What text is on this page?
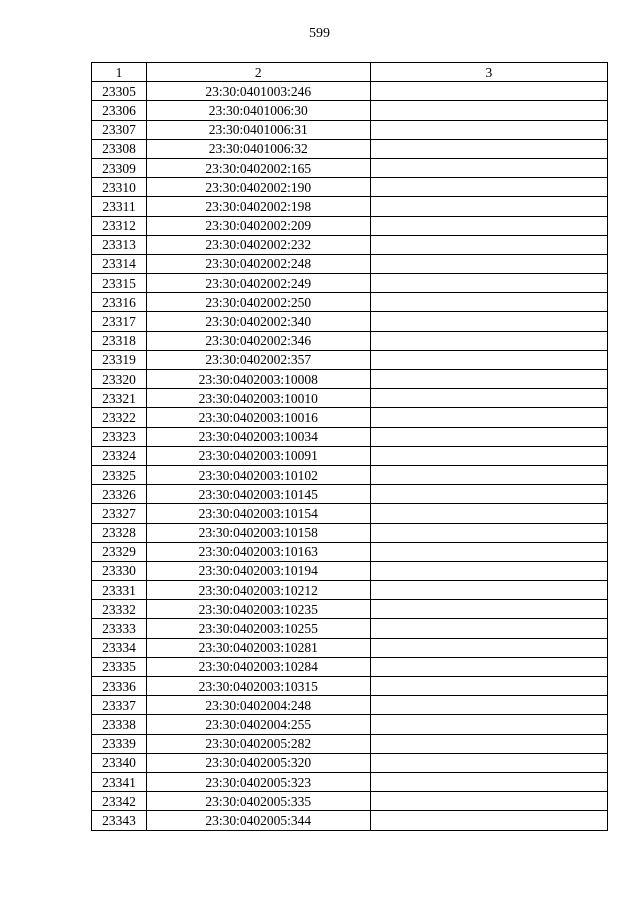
599
1	2	3
23305	23:30:0401003:246	
23306	23:30:0401006:30	
23307	23:30:0401006:31	
23308	23:30:0401006:32	
23309	23:30:0402002:165	
23310	23:30:0402002:190	
23311	23:30:0402002:198	
23312	23:30:0402002:209	
23313	23:30:0402002:232	
23314	23:30:0402002:248	
23315	23:30:0402002:249	
23316	23:30:0402002:250	
23317	23:30:0402002:340	
23318	23:30:0402002:346	
23319	23:30:0402002:357	
23320	23:30:0402003:10008	
23321	23:30:0402003:10010	
23322	23:30:0402003:10016	
23323	23:30:0402003:10034	
23324	23:30:0402003:10091	
23325	23:30:0402003:10102	
23326	23:30:0402003:10145	
23327	23:30:0402003:10154	
23328	23:30:0402003:10158	
23329	23:30:0402003:10163	
23330	23:30:0402003:10194	
23331	23:30:0402003:10212	
23332	23:30:0402003:10235	
23333	23:30:0402003:10255	
23334	23:30:0402003:10281	
23335	23:30:0402003:10284	
23336	23:30:0402003:10315	
23337	23:30:0402004:248	
23338	23:30:0402004:255	
23339	23:30:0402005:282	
23340	23:30:0402005:320	
23341	23:30:0402005:323	
23342	23:30:0402005:335	
23343	23:30:0402005:344	
